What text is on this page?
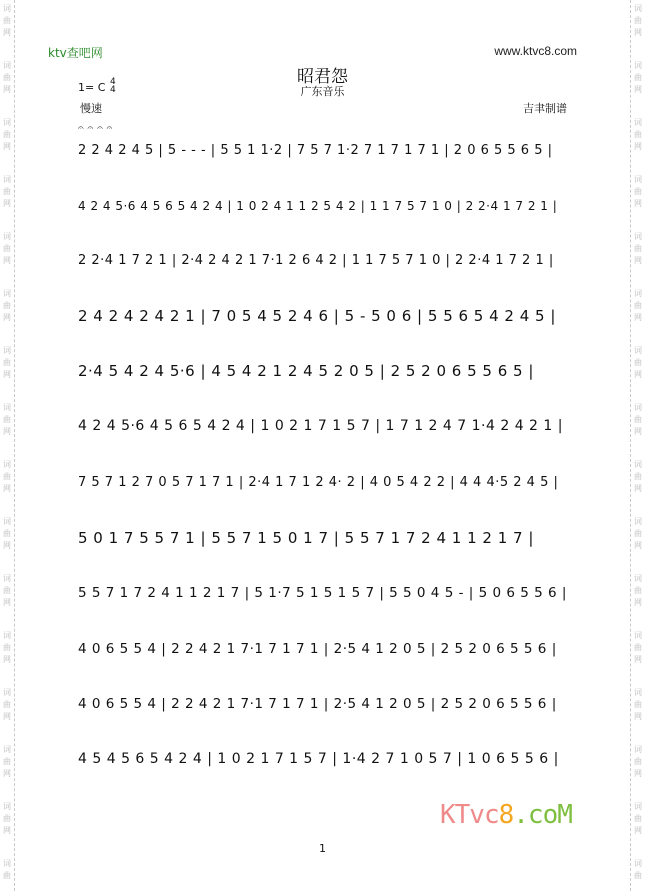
词
曲
网
词
曲
网
词
曲
网
词
曲
网
词
曲
网
词
曲
网
词
曲
网
词
曲
网
词
曲
网
词
曲
网
词
曲
网
词
曲
网
词
曲
网
词
曲
网
词
曲
网
词
曲
词
曲
网
词
曲
网
词
曲
网
词
曲
网
词
曲
网
词
曲
网
词
曲
网
词
曲
网
词
曲
网
词
曲
网
词
曲
网
词
曲
网
词
曲
网
词
曲
网
词
曲
网
词
曲
ktv查吧网	www.ktvc8.com
昭君怨
广东音乐
1= C 4
4
慢速	吉聿制谱
𝄐𝄐𝄐𝄐
2 2 4 2 4 5 | 5 - - - | 5 5 1 1·2 | 7 5 7 1·2 7 1 7 1 7 1 | 2 0 6 5 5 6 5 |
4 2 4 5·6 4 5 6 5 4 2 4 | 1 0 2 4 1 1 2 5 4 2 | 1 1 7 5 7 1 0 | 2 2·4 1 7 2 1 |
2 2·4 1 7 2 1 | 2·4 2 4 2 1 7·1 2 6 4 2 | 1 1 7 5 7 1 0 | 2 2·4 1 7 2 1 |
2 4 2 4 2 4 2 1 | 7 0 5 4 5 2 4 6 | 5 - 5 0 6 | 5 5 6 5 4 2 4 5 |
2·4 5 4 2 4 5·6 | 4 5 4 2 1 2 4 5 2 0 5 | 2 5 2 0 6 5 5 6 5 |
4 2 4 5·6 4 5 6 5 4 2 4 | 1 0 2 1 7 1 5 7 | 1 7 1 2 4 7 1·4 2 4 2 1 |
7 5 7 1 2 7 0 5 7 1 7 1 | 2·4 1 7 1 2 4· 2 | 4 0 5 4 2 2 | 4 4 4·5 2 4 5 |
5 0 1 7 5 5 7 1 | 5 5 7 1 5 0 1 7 | 5 5 7 1 7 2 4 1 1 2 1 7 |
5 5 7 1 7 2 4 1 1 2 1 7 | 5 1·7 5 1 5 1 5 7 | 5 5 0 4 5 - | 5 0 6 5 5 6 |
4 0 6 5 5 4 | 2 2 4 2 1 7·1 7 1 7 1 | 2·5 4 1 2 0 5 | 2 5 2 0 6 5 5 6 |
4 0 6 5 5 4 | 2 2 4 2 1 7·1 7 1 7 1 | 2·5 4 1 2 0 5 | 2 5 2 0 6 5 5 6 |
4 5 4 5 6 5 4 2 4 | 1 0 2 1 7 1 5 7 | 1·4 2 7 1 0 5 7 | 1 0 6 5 5 6 |
1
KTvc8.coM
